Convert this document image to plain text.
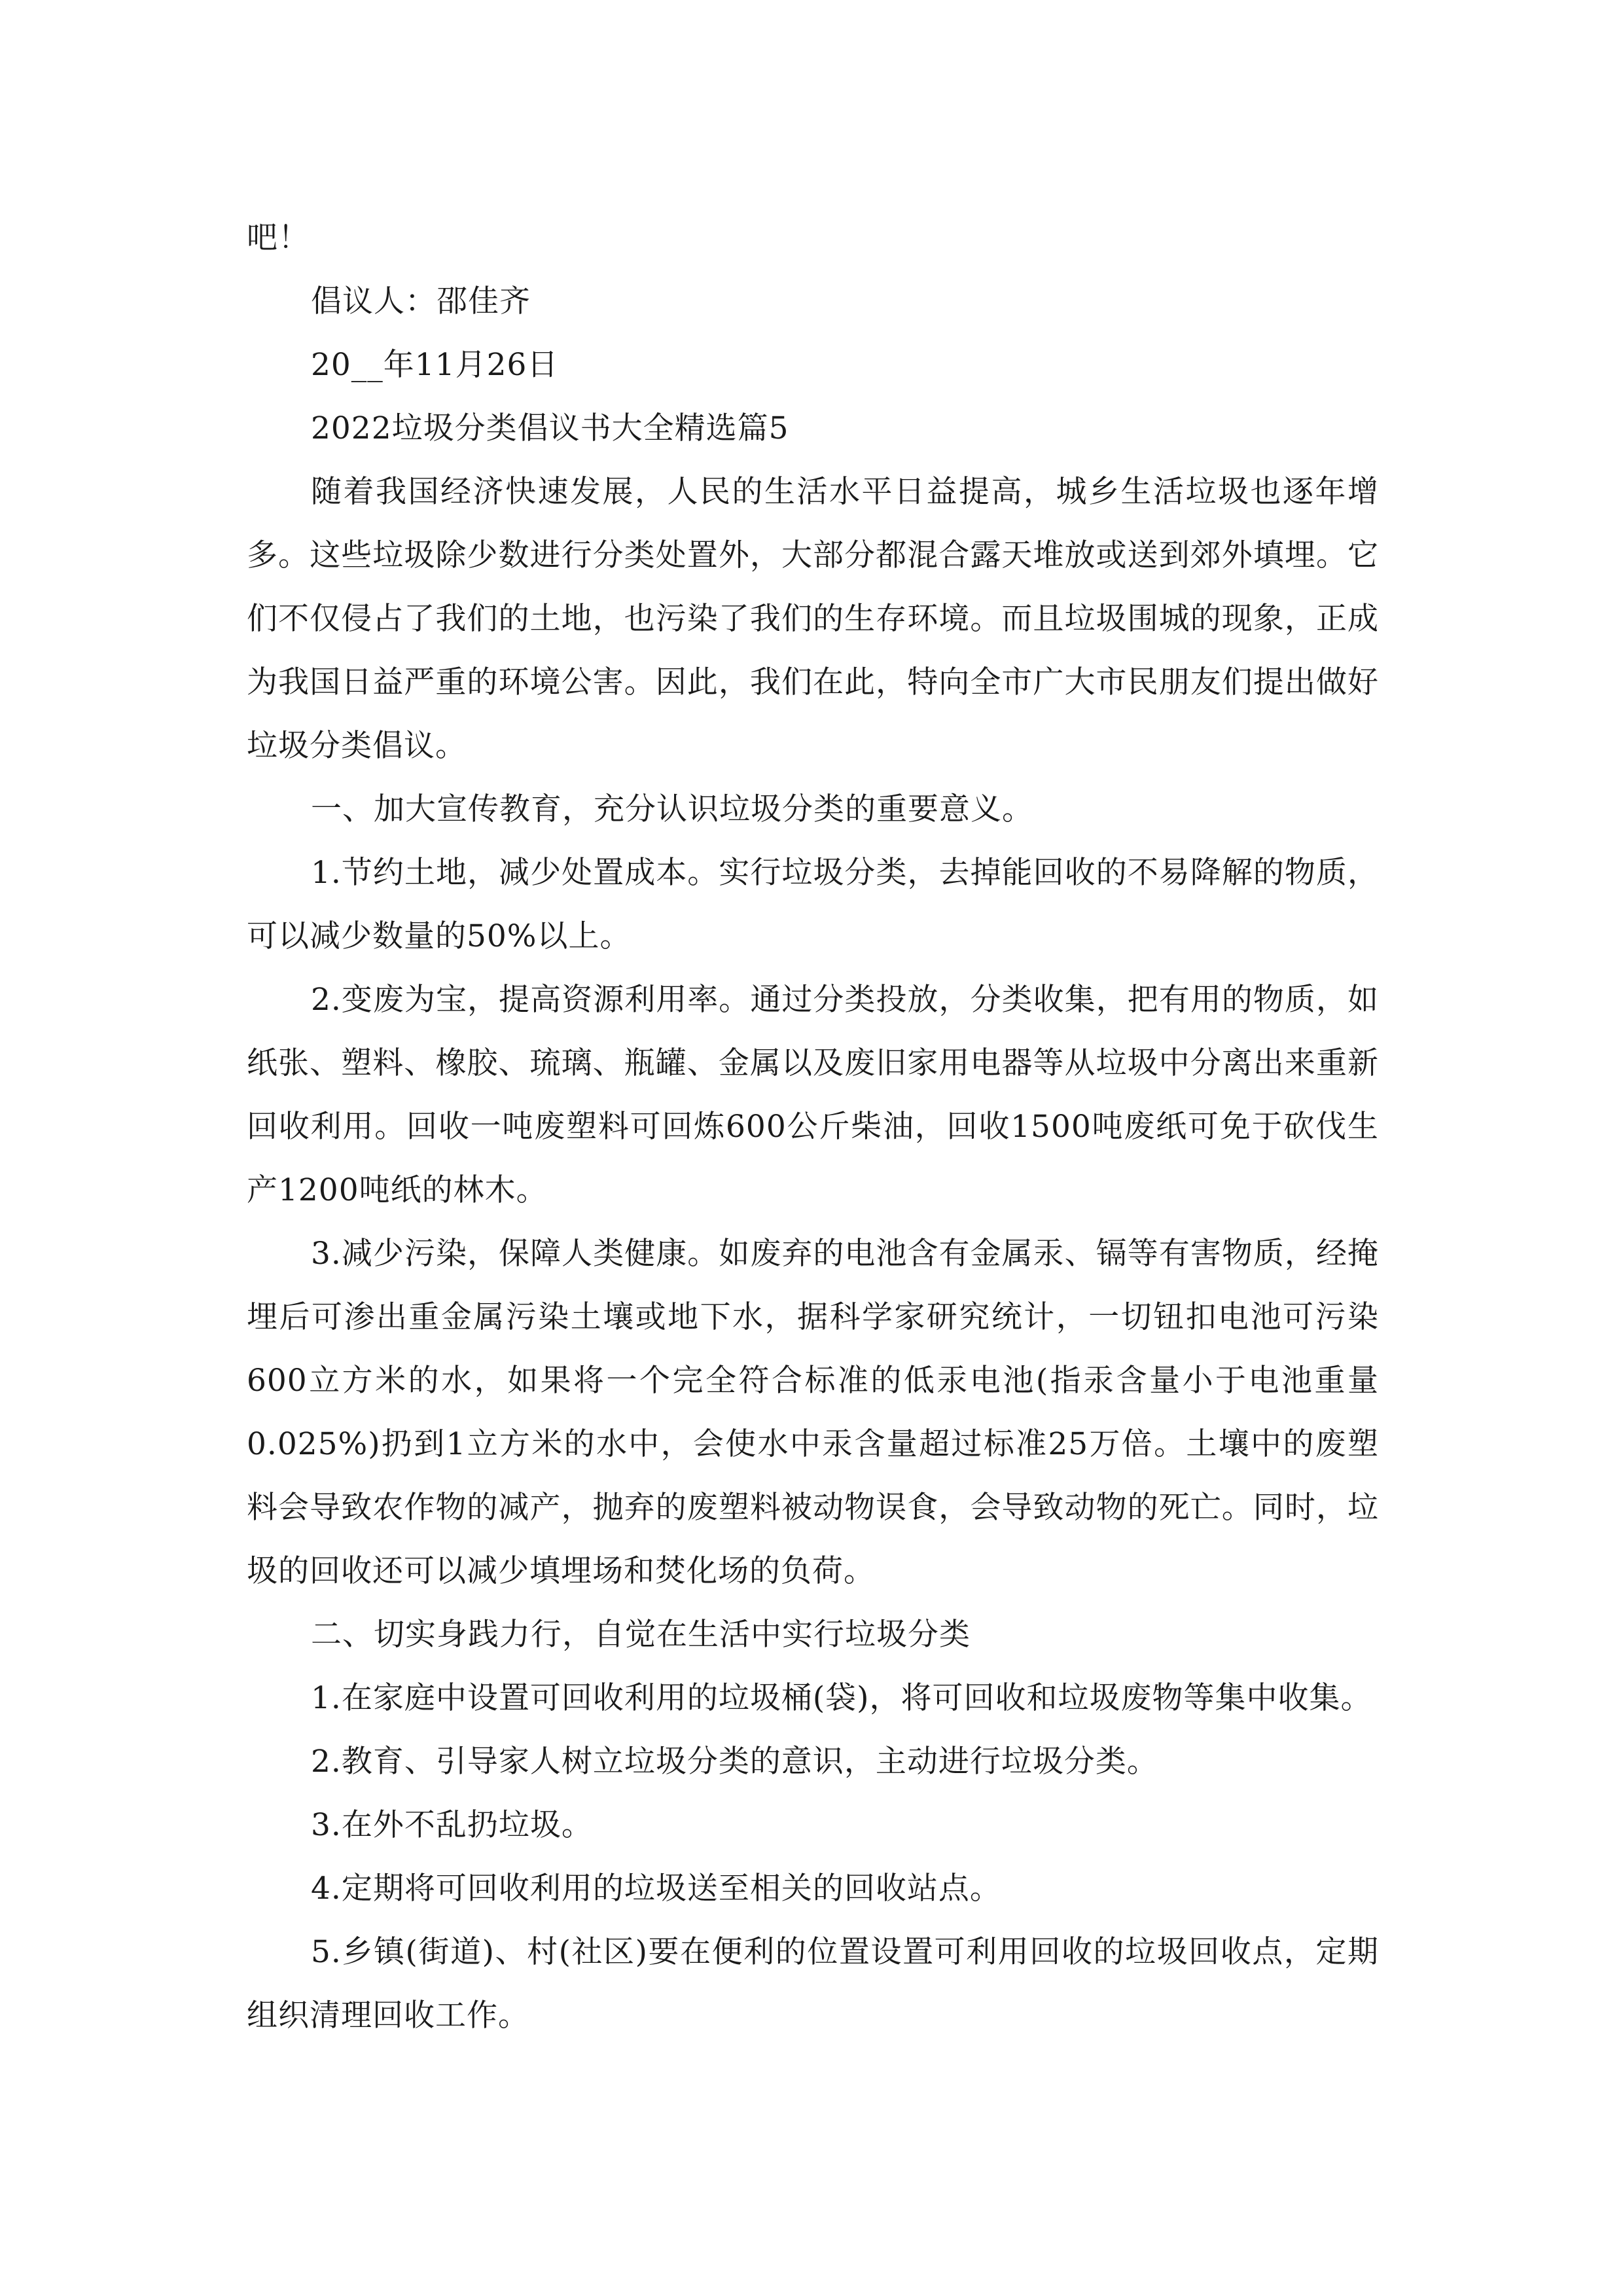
吧！

倡议人：邵佳齐

20__年11月26日

2022垃圾分类倡议书大全精选篇5

随着我国经济快速发展，人民的生活水平日益提高，城乡生活垃圾也逐年增多。这些垃圾除少数进行分类处置外，大部分都混合露天堆放或送到郊外填埋。它们不仅侵占了我们的土地，也污染了我们的生存环境。而且垃圾围城的现象，正成为我国日益严重的环境公害。因此，我们在此，特向全市广大市民朋友们提出做好垃圾分类倡议。

一、加大宣传教育，充分认识垃圾分类的重要意义。

1.节约土地，减少处置成本。实行垃圾分类，去掉能回收的不易降解的物质，可以减少数量的50%以上。

2.变废为宝，提高资源利用率。通过分类投放，分类收集，把有用的物质，如纸张、塑料、橡胶、琉璃、瓶罐、金属以及废旧家用电器等从垃圾中分离出来重新回收利用。回收一吨废塑料可回炼600公斤柴油，回收1500吨废纸可免于砍伐生产1200吨纸的林木。

3.减少污染，保障人类健康。如废弃的电池含有金属汞、镉等有害物质，经掩埋后可渗出重金属污染土壤或地下水，据科学家研究统计，一切钮扣电池可污染600立方米的水，如果将一个完全符合标准的低汞电池(指汞含量小于电池重量0.025%)扔到1立方米的水中，会使水中汞含量超过标准25万倍。土壤中的废塑料会导致农作物的减产，抛弃的废塑料被动物误食，会导致动物的死亡。同时，垃圾的回收还可以减少填埋场和焚化场的负荷。

二、切实身践力行，自觉在生活中实行垃圾分类

1.在家庭中设置可回收利用的垃圾桶(袋)，将可回收和垃圾废物等集中收集。

2.教育、引导家人树立垃圾分类的意识，主动进行垃圾分类。

3.在外不乱扔垃圾。

4.定期将可回收利用的垃圾送至相关的回收站点。

5.乡镇(街道)、村(社区)要在便利的位置设置可利用回收的垃圾回收点，定期组织清理回收工作。
